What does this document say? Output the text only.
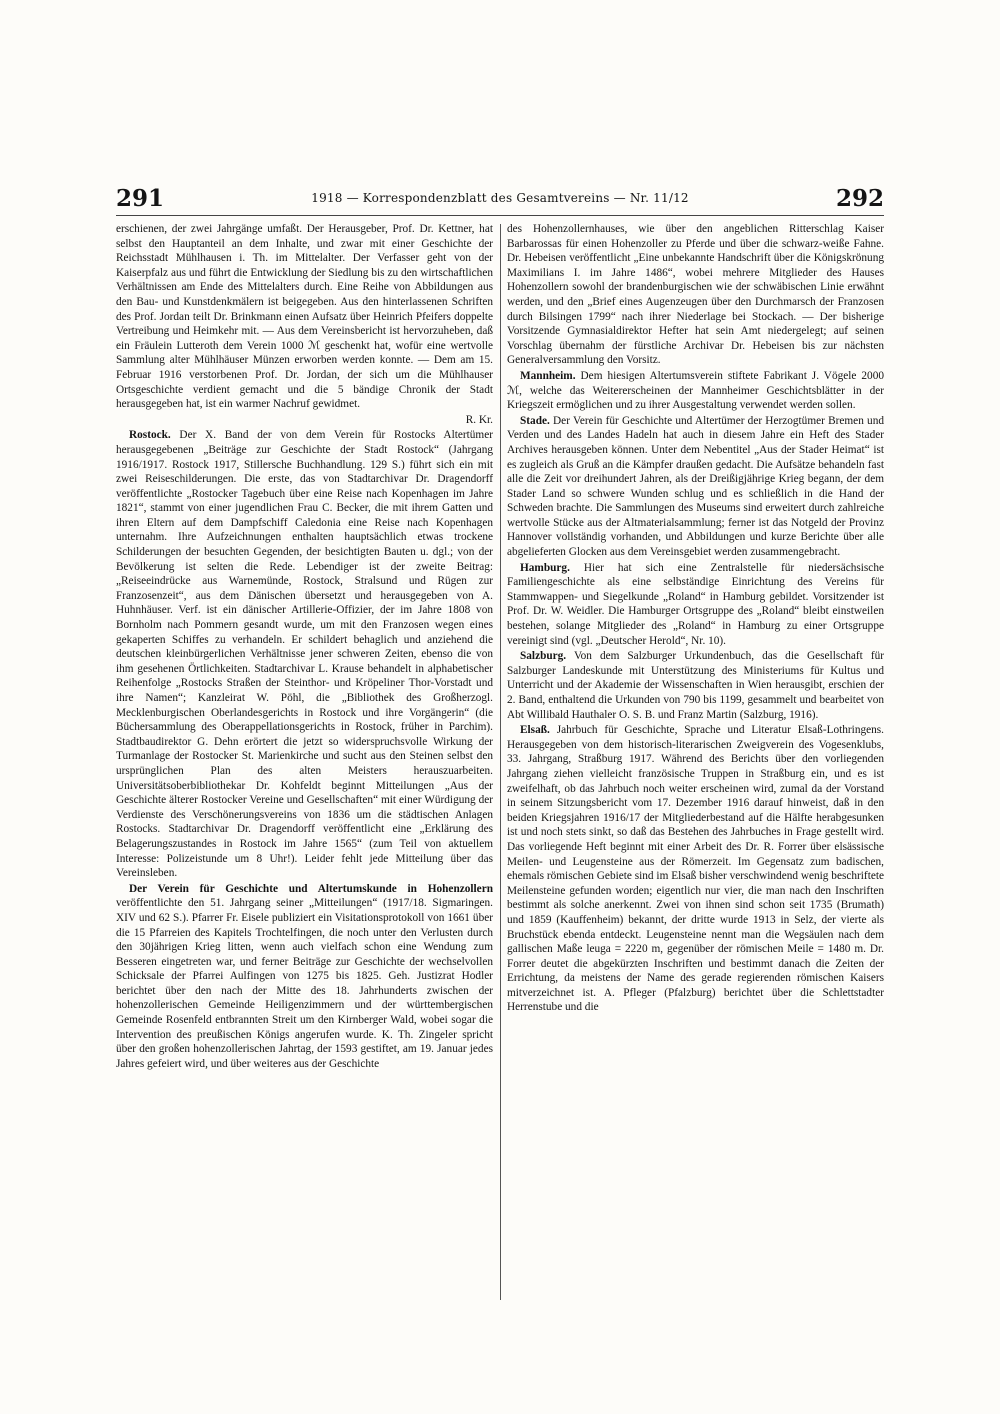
291	1918 — Korrespondenzblatt des Gesamtvereins — Nr. 11/12	292

erschienen, der zwei Jahrgänge umfaßt. Der Herausgeber, Prof. Dr. Kettner, hat selbst den Hauptanteil an dem Inhalte, und zwar mit einer Geschichte der Reichsstadt Mühlhausen i. Th. im Mittelalter. Der Verfasser geht von der Kaiserpfalz aus und führt die Entwicklung der Siedlung bis zu den wirtschaftlichen Verhältnissen am Ende des Mittelalters durch. Eine Reihe von Abbildungen aus den Bau- und Kunstdenkmälern ist beigegeben. Aus den hinterlassenen Schriften des Prof. Jordan teilt Dr. Brinkmann einen Aufsatz über Heinrich Pfeifers doppelte Vertreibung und Heimkehr mit. — Aus dem Vereinsbericht ist hervorzuheben, daß ein Fräulein Lutteroth dem Verein 1000 ℳ geschenkt hat, wofür eine wertvolle Sammlung alter Mühlhäuser Münzen erworben werden konnte. — Dem am 15. Februar 1916 verstorbenen Prof. Dr. Jordan, der sich um die Mühlhauser Ortsgeschichte verdient gemacht und die 5 bändige Chronik der Stadt herausgegeben hat, ist ein warmer Nachruf gewidmet.

R. Kr.

Rostock. Der X. Band der von dem Verein für Rostocks Altertümer herausgegebenen „Beiträge zur Geschichte der Stadt Rostock“ (Jahrgang 1916/1917. Rostock 1917, Stillersche Buchhandlung. 129 S.) führt sich ein mit zwei Reiseschilderungen. Die erste, das von Stadtarchivar Dr. Dragendorff veröffentlichte „Rostocker Tagebuch über eine Reise nach Kopenhagen im Jahre 1821“, stammt von einer jugendlichen Frau C. Becker, die mit ihrem Gatten und ihren Eltern auf dem Dampfschiff Caledonia eine Reise nach Kopenhagen unternahm. Ihre Aufzeichnungen enthalten hauptsächlich etwas trockene Schilderungen der besuchten Gegenden, der besichtigten Bauten u. dgl.; von der Bevölkerung ist selten die Rede. Lebendiger ist der zweite Beitrag: „Reiseeindrücke aus Warnemünde, Rostock, Stralsund und Rügen zur Franzosenzeit“, aus dem Dänischen übersetzt und herausgegeben von A. Huhnhäuser. Verf. ist ein dänischer Artillerie-Offizier, der im Jahre 1808 von Bornholm nach Pommern gesandt wurde, um mit den Franzosen wegen eines gekaperten Schiffes zu verhandeln. Er schildert behaglich und anziehend die deutschen kleinbürgerlichen Verhältnisse jener schweren Zeiten, ebenso die von ihm gesehenen Örtlichkeiten. Stadtarchivar L. Krause behandelt in alphabetischer Reihenfolge „Rostocks Straßen der Steinthor- und Kröpeliner Thor-Vorstadt und ihre Namen“; Kanzleirat W. Pöhl, die „Bibliothek des Großherzogl. Mecklenburgischen Oberlandesgerichts in Rostock und ihre Vorgängerin“ (die Büchersammlung des Oberappellationsgerichts in Rostock, früher in Parchim). Stadtbaudirektor G. Dehn erörtert die jetzt so widerspruchsvolle Wirkung der Turmanlage der Rostocker St. Marienkirche und sucht aus den Steinen selbst den ursprünglichen Plan des alten Meisters herauszuarbeiten. Universitätsoberbibliothekar Dr. Kohfeldt beginnt Mitteilungen „Aus der Geschichte älterer Rostocker Vereine und Gesellschaften“ mit einer Würdigung der Verdienste des Verschönerungsvereins von 1836 um die städtischen Anlagen Rostocks. Stadtarchivar Dr. Dragendorff veröffentlicht eine „Erklärung des Belagerungszustandes in Rostock im Jahre 1565“ (zum Teil von aktuellem Interesse: Polizeistunde um 8 Uhr!). Leider fehlt jede Mitteilung über das Vereinsleben.

Der Verein für Geschichte und Altertumskunde in Hohenzollern veröffentlichte den 51. Jahrgang seiner „Mitteilungen“ (1917/18. Sigmaringen. XIV und 62 S.). Pfarrer Fr. Eisele publiziert ein Visitationsprotokoll von 1661 über die 15 Pfarreien des Kapitels Trochtelfingen, die noch unter den Verlusten durch den 30jährigen Krieg litten, wenn auch vielfach schon eine Wendung zum Besseren eingetreten war, und ferner Beiträge zur Geschichte der wechselvollen Schicksale der Pfarrei Aulfingen von 1275 bis 1825. Geh. Justizrat Hodler berichtet über den nach der Mitte des 18. Jahrhunderts zwischen der hohenzollerischen Gemeinde Heiligenzimmern und der württembergischen Gemeinde Rosenfeld entbrannten Streit um den Kirnberger Wald, wobei sogar die Intervention des preußischen Königs angerufen wurde. K. Th. Zingeler spricht über den großen hohenzollerischen Jahrtag, der 1593 gestiftet, am 19. Januar jedes Jahres gefeiert wird, und über weiteres aus der Geschichte

des Hohenzollernhauses, wie über den angeblichen Ritterschlag Kaiser Barbarossas für einen Hohenzoller zu Pferde und über die schwarz-weiße Fahne. Dr. Hebeisen veröffentlicht „Eine unbekannte Handschrift über die Königskrönung Maximilians I. im Jahre 1486“, wobei mehrere Mitglieder des Hauses Hohenzollern sowohl der brandenburgischen wie der schwäbischen Linie erwähnt werden, und den „Brief eines Augenzeugen über den Durchmarsch der Franzosen durch Bilsingen 1799“ nach ihrer Niederlage bei Stockach. — Der bisherige Vorsitzende Gymnasialdirektor Hefter hat sein Amt niedergelegt; auf seinen Vorschlag übernahm der fürstliche Archivar Dr. Hebeisen bis zur nächsten Generalversammlung den Vorsitz.

Mannheim. Dem hiesigen Altertumsverein stiftete Fabrikant J. Vögele 2000 ℳ, welche das Weitererscheinen der Mannheimer Geschichtsblätter in der Kriegszeit ermöglichen und zu ihrer Ausgestaltung verwendet werden sollen.

Stade. Der Verein für Geschichte und Altertümer der Herzogtümer Bremen und Verden und des Landes Hadeln hat auch in diesem Jahre ein Heft des Stader Archives herausgeben können. Unter dem Nebentitel „Aus der Stader Heimat“ ist es zugleich als Gruß an die Kämpfer draußen gedacht. Die Aufsätze behandeln fast alle die Zeit vor dreihundert Jahren, als der Dreißigjährige Krieg begann, der dem Stader Land so schwere Wunden schlug und es schließlich in die Hand der Schweden brachte. Die Sammlungen des Museums sind erweitert durch zahlreiche wertvolle Stücke aus der Altmaterialsammlung; ferner ist das Notgeld der Provinz Hannover vollständig vorhanden, und Abbildungen und kurze Berichte über alle abgelieferten Glocken aus dem Vereinsgebiet werden zusammengebracht.

Hamburg. Hier hat sich eine Zentralstelle für niedersächsische Familiengeschichte als eine selbständige Einrichtung des Vereins für Stammwappen- und Siegelkunde „Roland“ in Hamburg gebildet. Vorsitzender ist Prof. Dr. W. Weidler. Die Hamburger Ortsgruppe des „Roland“ bleibt einstweilen bestehen, solange Mitglieder des „Roland“ in Hamburg zu einer Ortsgruppe vereinigt sind (vgl. „Deutscher Herold“, Nr. 10).

Salzburg. Von dem Salzburger Urkundenbuch, das die Gesellschaft für Salzburger Landeskunde mit Unterstützung des Ministeriums für Kultus und Unterricht und der Akademie der Wissenschaften in Wien herausgibt, erschien der 2. Band, enthaltend die Urkunden von 790 bis 1199, gesammelt und bearbeitet von Abt Willibald Hauthaler O. S. B. und Franz Martin (Salzburg, 1916).

Elsaß. Jahrbuch für Geschichte, Sprache und Literatur Elsaß-Lothringens. Herausgegeben von dem historisch-literarischen Zweigverein des Vogesenklubs, 33. Jahrgang, Straßburg 1917. Während des Berichts über den vorliegenden Jahrgang ziehen vielleicht französische Truppen in Straßburg ein, und es ist zweifelhaft, ob das Jahrbuch noch weiter erscheinen wird, zumal da der Vorstand in seinem Sitzungsbericht vom 17. Dezember 1916 darauf hinweist, daß in den beiden Kriegsjahren 1916/17 der Mitgliederbestand auf die Hälfte herabgesunken ist und noch stets sinkt, so daß das Bestehen des Jahrbuches in Frage gestellt wird. Das vorliegende Heft beginnt mit einer Arbeit des Dr. R. Forrer über elsässische Meilen- und Leugensteine aus der Römerzeit. Im Gegensatz zum badischen, ehemals römischen Gebiete sind im Elsaß bisher verschwindend wenig beschriftete Meilensteine gefunden worden; eigentlich nur vier, die man nach den Inschriften bestimmt als solche anerkennt. Zwei von ihnen sind schon seit 1735 (Brumath) und 1859 (Kauffenheim) bekannt, der dritte wurde 1913 in Selz, der vierte als Bruchstück ebenda entdeckt. Leugensteine nennt man die Wegsäulen nach dem gallischen Maße leuga = 2220 m, gegenüber der römischen Meile = 1480 m. Dr. Forrer deutet die abgekürzten Inschriften und bestimmt danach die Zeiten der Errichtung, da meistens der Name des gerade regierenden römischen Kaisers mitverzeichnet ist. A. Pfleger (Pfalzburg) berichtet über die Schlettstadter Herrenstube und die
